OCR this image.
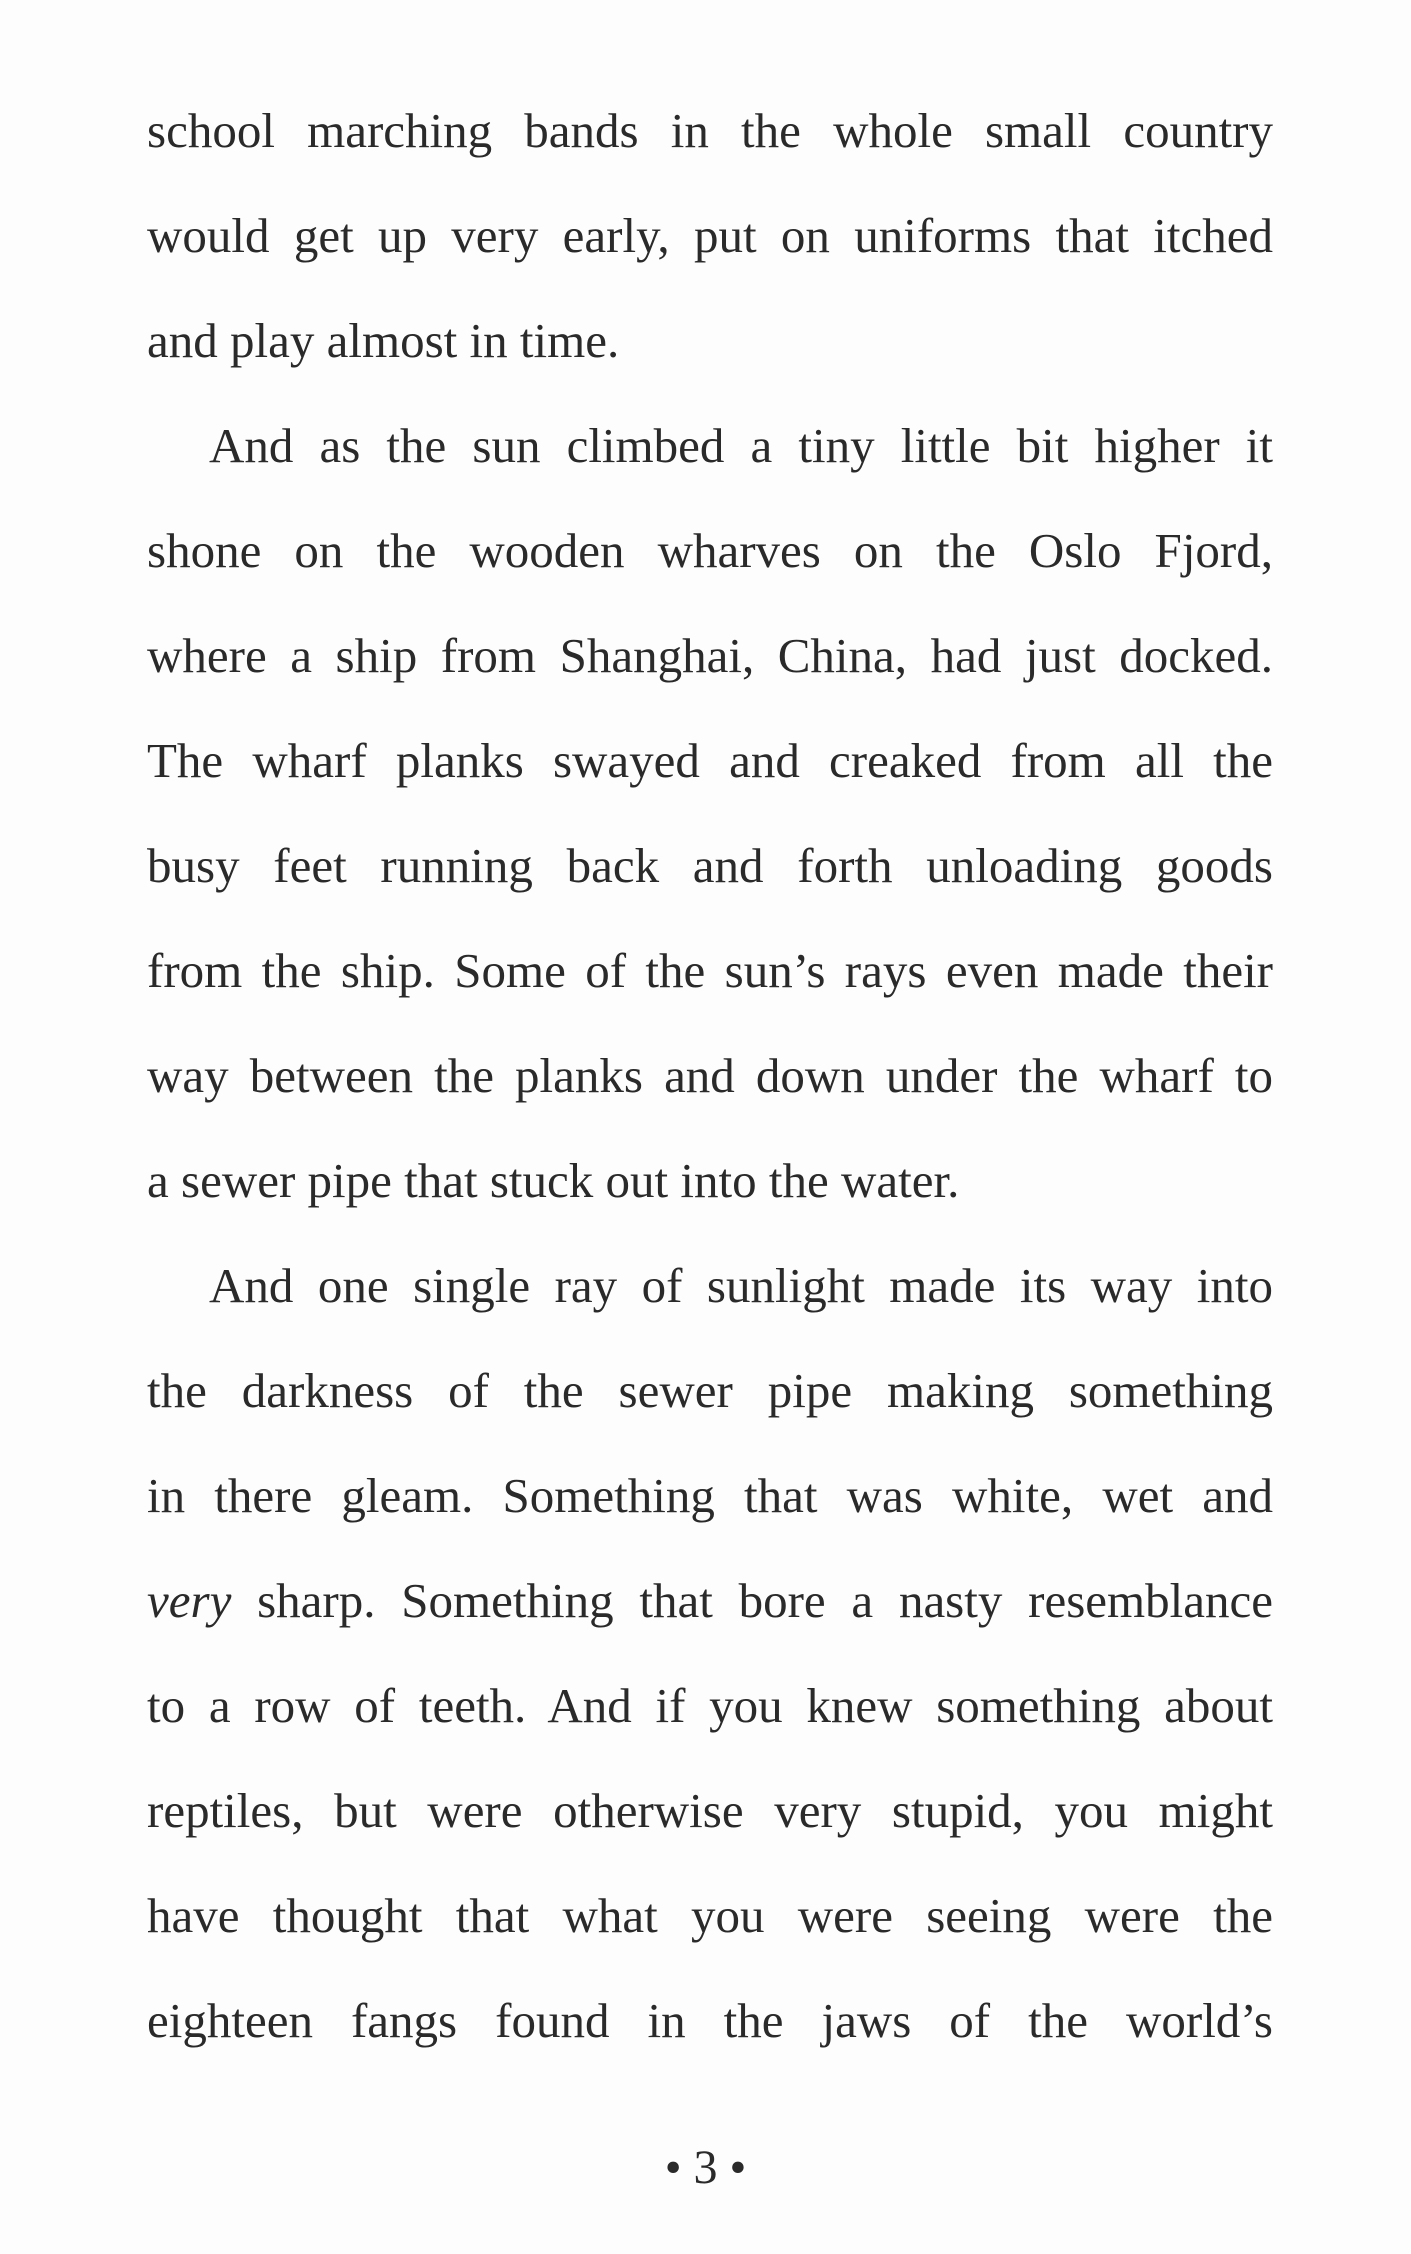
school marching bands in the whole small country
would get up very early, put on uniforms that itched
and play almost in time.
And as the sun climbed a tiny little bit higher it
shone on the wooden wharves on the Oslo Fjord,
where a ship from Shanghai, China, had just docked.
The wharf planks swayed and creaked from all the
busy feet running back and forth unloading goods
from the ship. Some of the sun’s rays even made their
way between the planks and down under the wharf to
a sewer pipe that stuck out into the water.
And one single ray of sunlight made its way into
the darkness of the sewer pipe making something
in there gleam. Something that was white, wet and
very sharp. Something that bore a nasty resemblance
to a row of teeth. And if you knew something about
reptiles, but were otherwise very stupid, you might
have thought that what you were seeing were the
eighteen fangs found in the jaws of the world’s
• 3 •
